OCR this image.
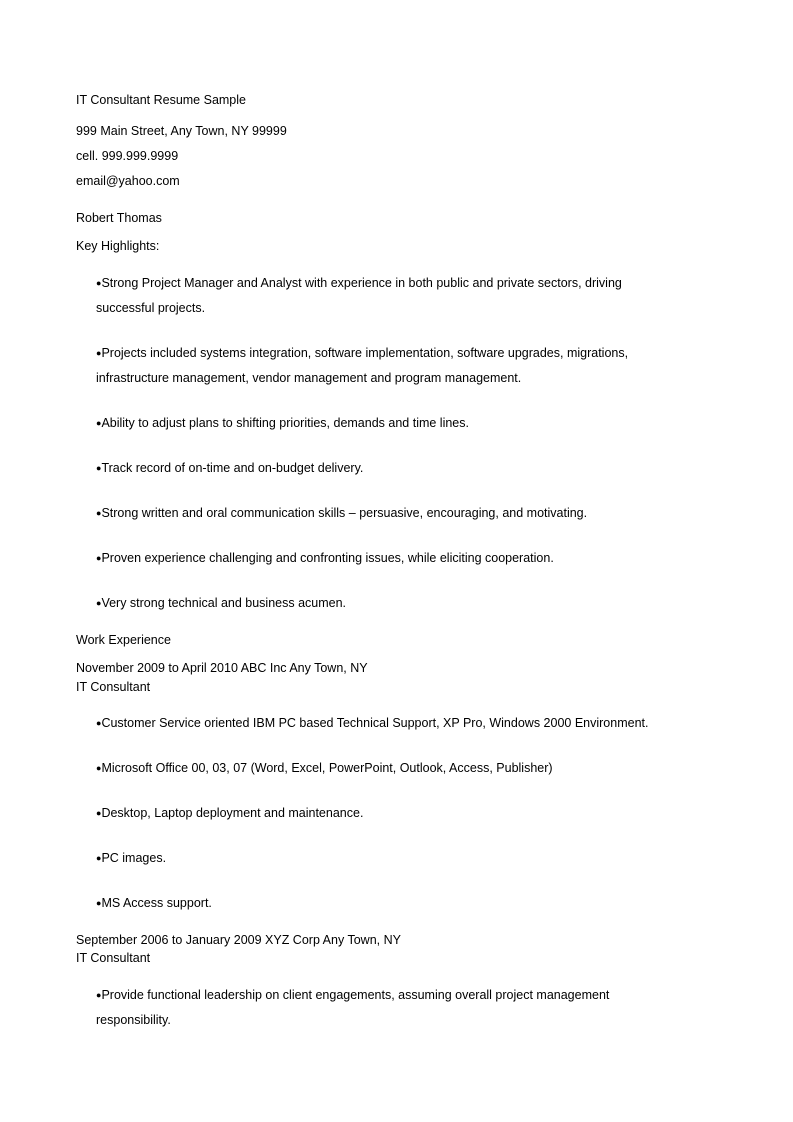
IT Consultant Resume Sample
999 Main Street, Any Town, NY 99999
cell. 999.999.9999
email@yahoo.com
Robert Thomas
Key Highlights:
●Strong Project Manager and Analyst with experience in both public and private sectors, driving
successful projects.
●Projects included systems integration, software implementation, software upgrades, migrations,
infrastructure management, vendor management and program management.
●Ability to adjust plans to shifting priorities, demands and time lines.
●Track record of on-time and on-budget delivery.
●Strong written and oral communication skills – persuasive, encouraging, and motivating.
●Proven experience challenging and confronting issues, while eliciting cooperation.
●Very strong technical and business acumen.
Work Experience
November 2009 to April 2010 ABC Inc Any Town, NY
IT Consultant
●Customer Service oriented IBM PC based Technical Support, XP Pro, Windows 2000 Environment.
●Microsoft Office 00, 03, 07 (Word, Excel, PowerPoint, Outlook, Access, Publisher)
●Desktop, Laptop deployment and maintenance.
●PC images.
●MS Access support.
September 2006 to January 2009 XYZ Corp Any Town, NY
IT Consultant
●Provide functional leadership on client engagements, assuming overall project management
responsibility.
